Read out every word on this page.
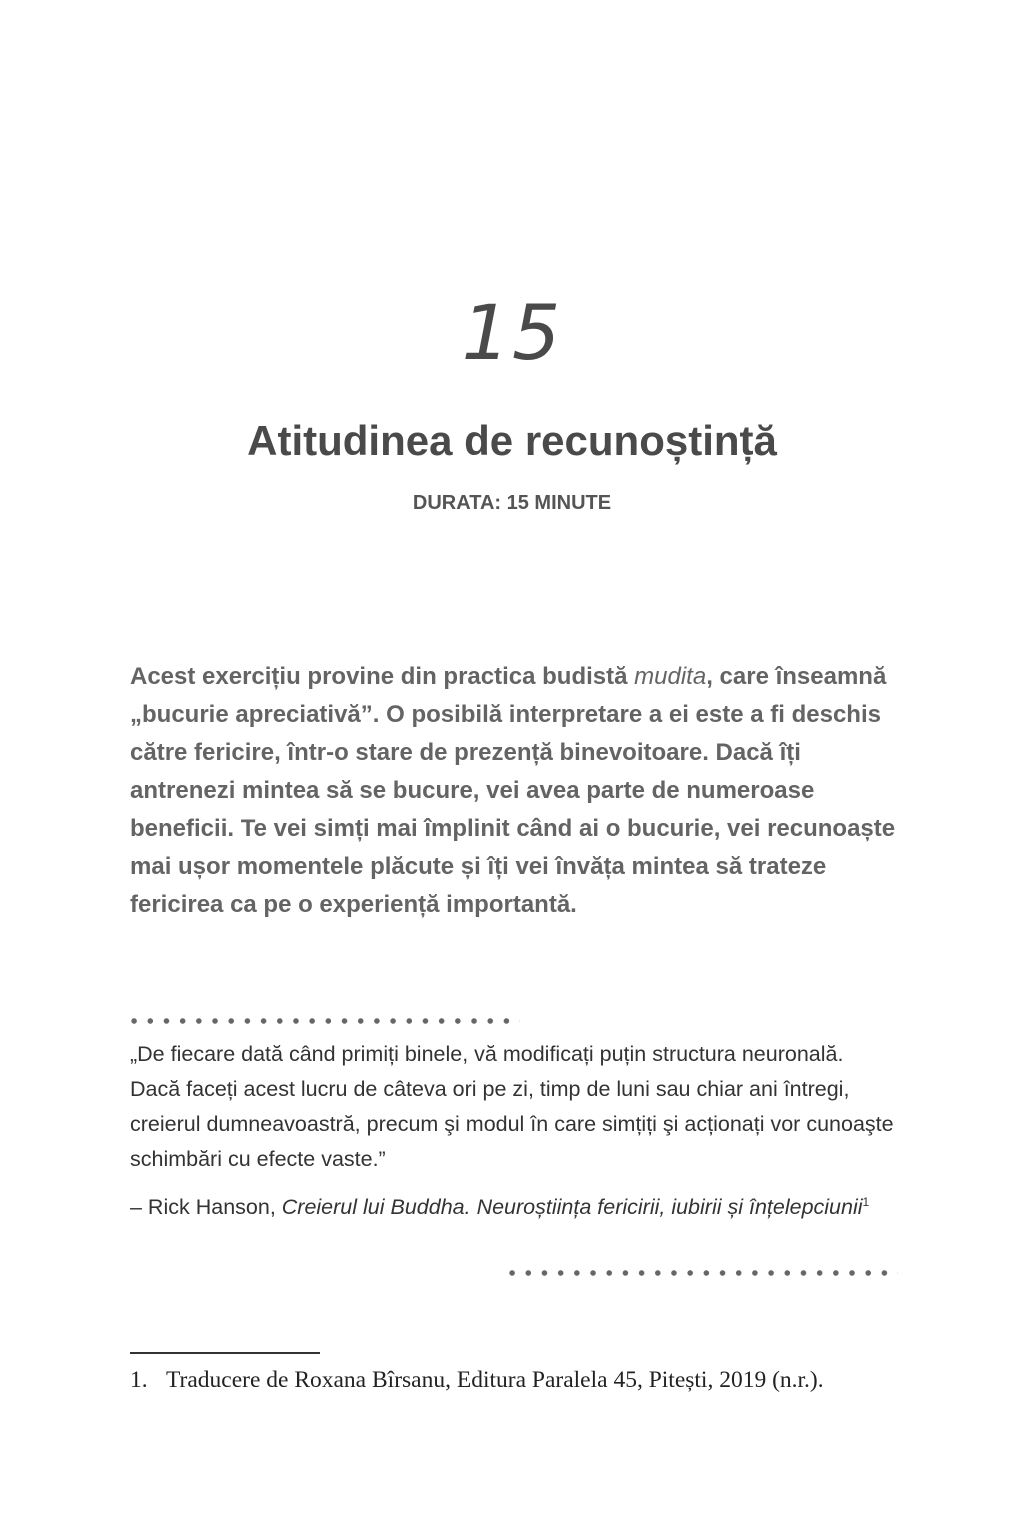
15
Atitudinea de recunoștință
DURATA: 15 MINUTE

Acest exercițiu provine din practica budistă mudita, care înseamnă „bucurie apreciativă”. O posibilă interpretare a ei este a fi deschis către fericire, într-o stare de prezență binevoitoare. Dacă îți antrenezi mintea să se bucure, vei avea parte de numeroase beneficii. Te vei simți mai împlinit când ai o bucurie, vei recunoaște mai ușor momentele plăcute și îți vei învăța mintea să trateze fericirea ca pe o experiență importantă.

„De fiecare dată când primiți binele, vă modificați puțin structura neuronală. Dacă faceți acest lucru de câteva ori pe zi, timp de luni sau chiar ani întregi, creierul dumneavoastră, precum şi modul în care simțiți şi acționați vor cunoaşte schimbări cu efecte vaste.”

– Rick Hanson, Creierul lui Buddha. Neuroștiința fericirii, iubirii și înțelepciunii$^1$

1. Traducere de Roxana Bîrsanu, Editura Paralela 45, Pitești, 2019 (n.r.).
